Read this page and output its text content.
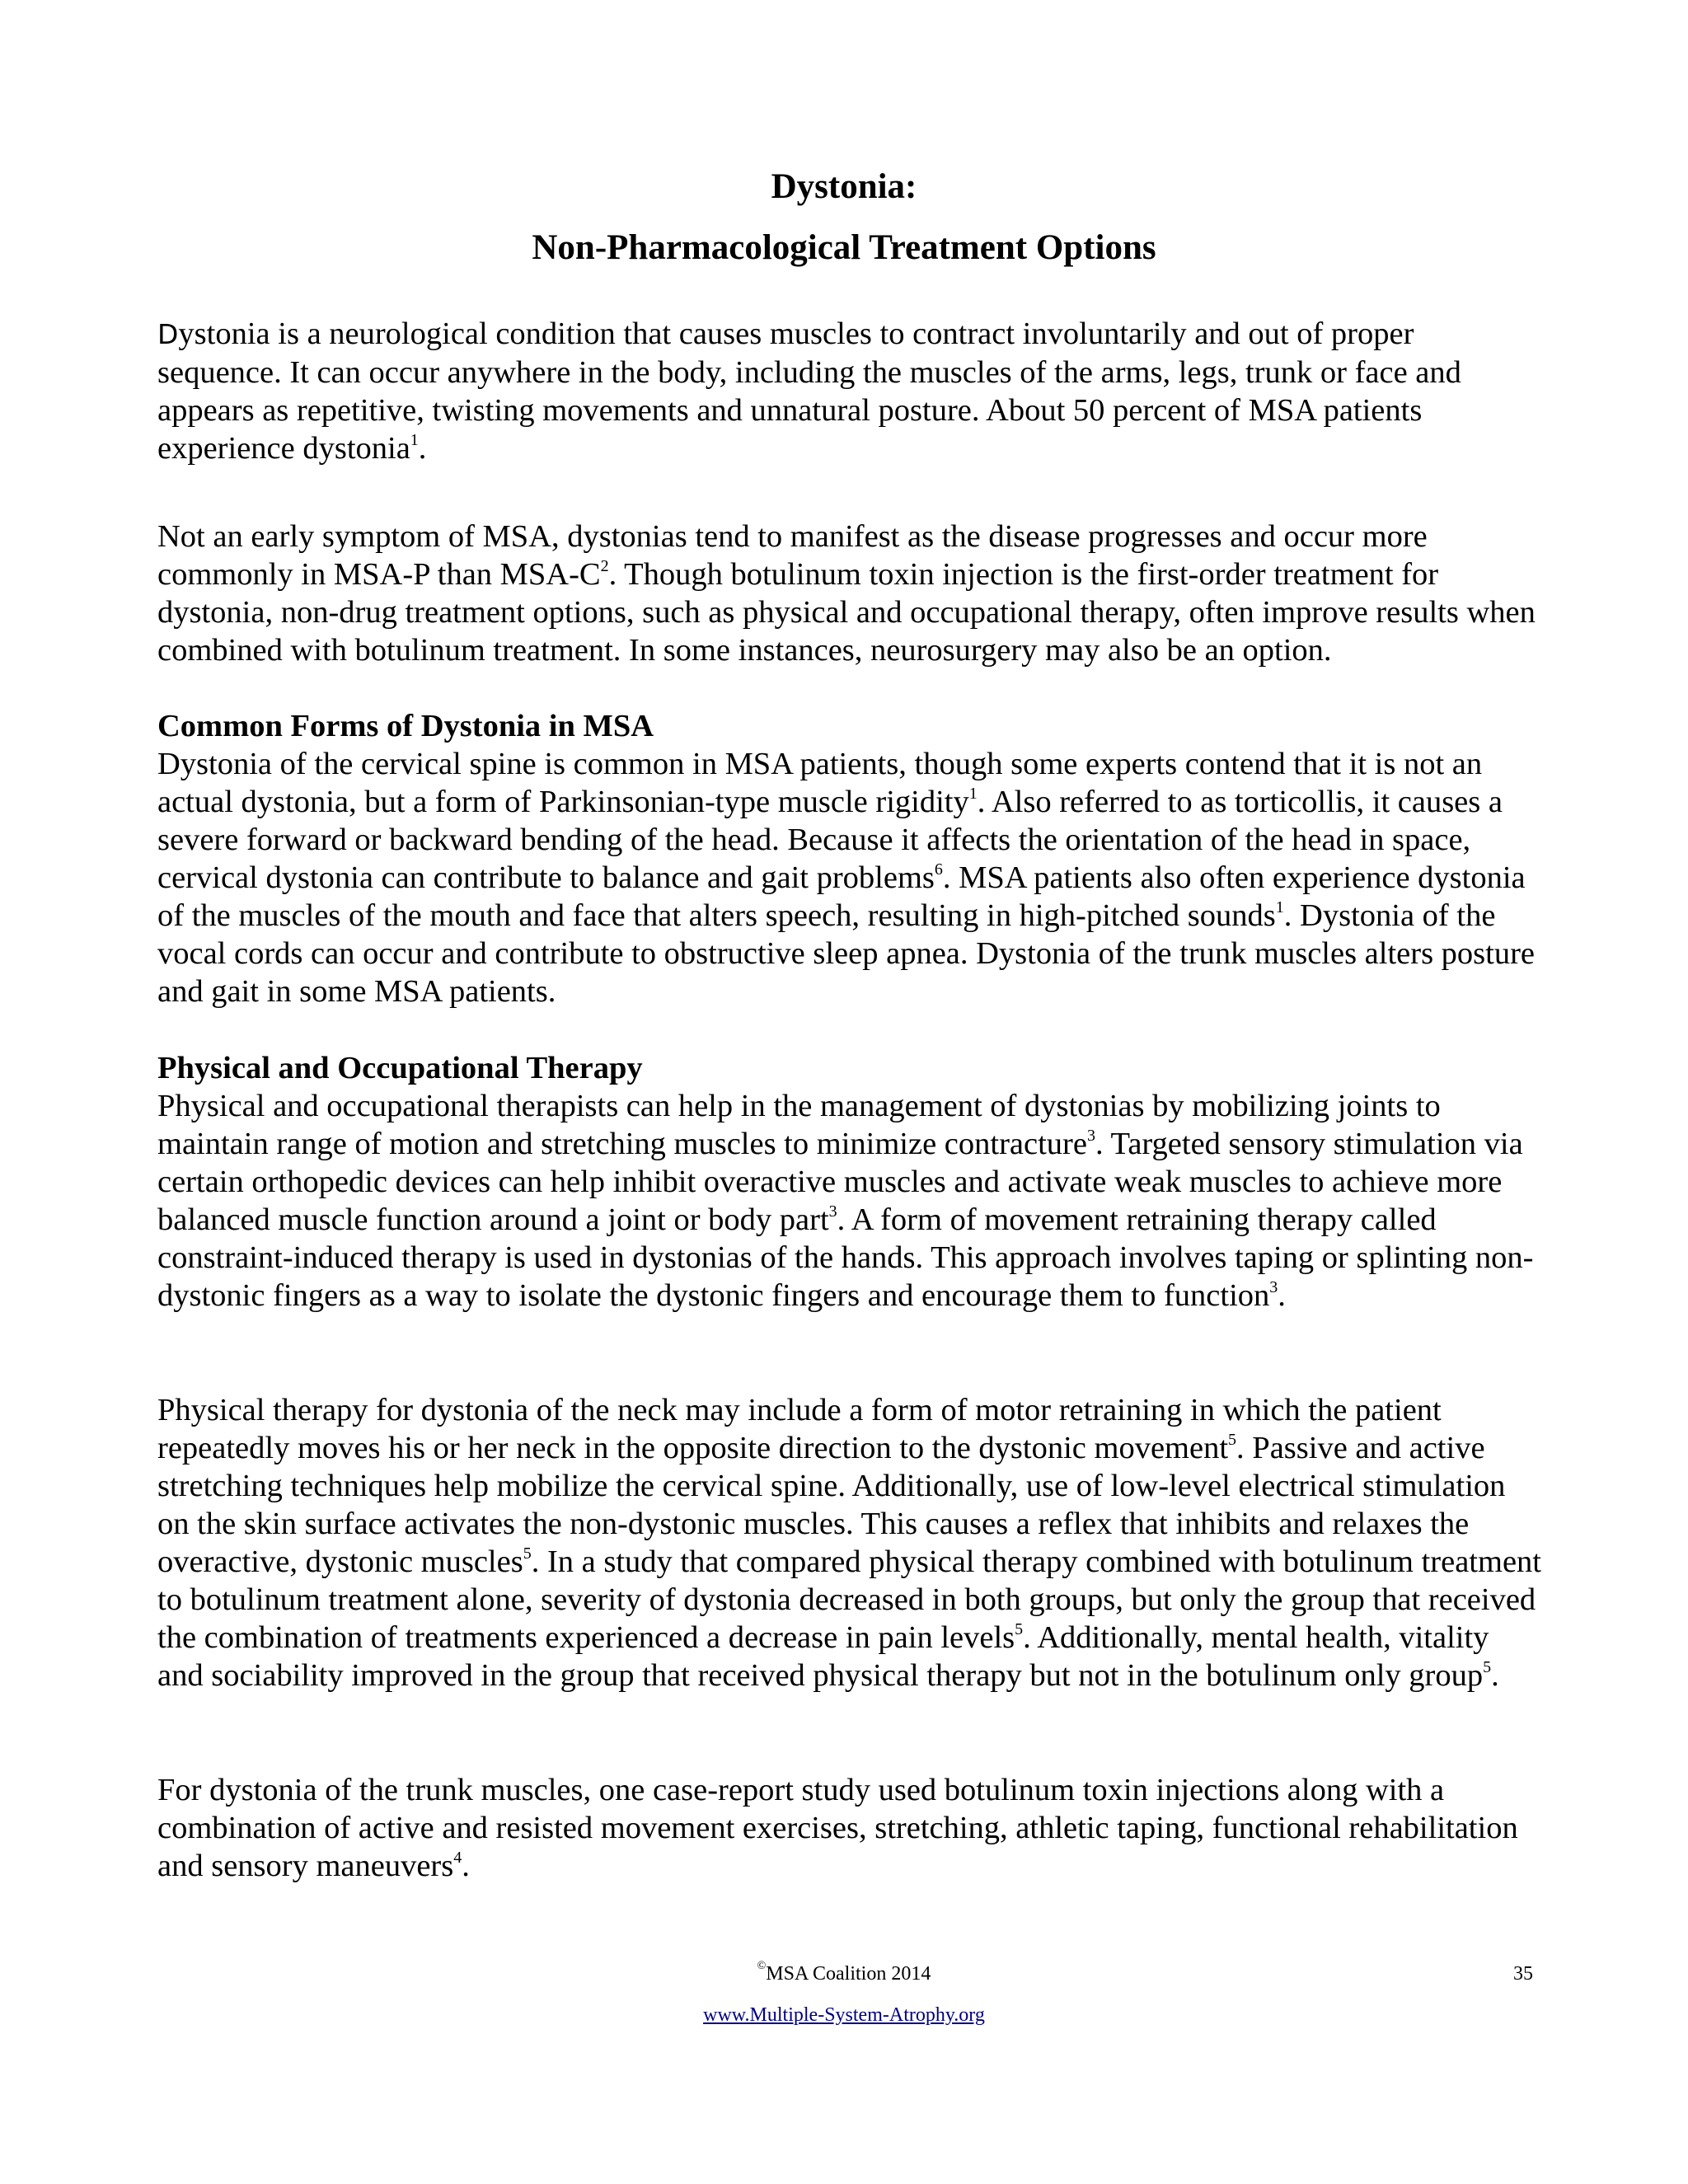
Dystonia:
Non-Pharmacological Treatment Options

Dystonia is a neurological condition that causes muscles to contract involuntarily and out of proper sequence. It can occur anywhere in the body, including the muscles of the arms, legs, trunk or face and appears as repetitive, twisting movements and unnatural posture. About 50 percent of MSA patients experience dystonia$^1$.

Not an early symptom of MSA, dystonias tend to manifest as the disease progresses and occur more commonly in MSA-P than MSA-$C^2$. Though botulinum toxin injection is the first-order treatment for dystonia, non-drug treatment options, such as physical and occupational therapy, often improve results when combined with botulinum treatment. In some instances, neurosurgery may also be an option.

Common Forms of Dystonia in MSA

Dystonia of the cervical spine is common in MSA patients, though some experts contend that it is not an actual dystonia, but a form of Parkinsonian-type muscle rigidity$^1$. Also referred to as torticollis, it causes a severe forward or backward bending of the head. Because it affects the orientation of the head in space, cervical dystonia can contribute to balance and gait problems$^6$. MSA patients also often experience dystonia of the muscles of the mouth and face that alters speech, resulting in high-pitched sounds$^1$. Dystonia of the vocal cords can occur and contribute to obstructive sleep apnea. Dystonia of the trunk muscles alters posture and gait in some MSA patients.

Physical and Occupational Therapy

Physical and occupational therapists can help in the management of dystonias by mobilizing joints to maintain range of motion and stretching muscles to minimize contracture$^3$. Targeted sensory stimulation via certain orthopedic devices can help inhibit overactive muscles and activate weak muscles to achieve more balanced muscle function around a joint or body part$^3$. A form of movement retraining therapy called constraint-induced therapy is used in dystonias of the hands. This approach involves taping or splinting non-dystonic fingers as a way to isolate the dystonic fingers and encourage them to function$^3$.

Physical therapy for dystonia of the neck may include a form of motor retraining in which the patient repeatedly moves his or her neck in the opposite direction to the dystonic movement$^5$. Passive and active stretching techniques help mobilize the cervical spine. Additionally, use of low-level electrical stimulation on the skin surface activates the non-dystonic muscles. This causes a reflex that inhibits and relaxes the overactive, dystonic muscles$^5$. In a study that compared physical therapy combined with botulinum treatment to botulinum treatment alone, severity of dystonia decreased in both groups, but only the group that received the combination of treatments experienced a decrease in pain levels$^5$. Additionally, mental health, vitality and sociability improved in the group that received physical therapy but not in the botulinum only group$^5$.

For dystonia of the trunk muscles, one case-report study used botulinum toxin injections along with a combination of active and resisted movement exercises, stretching, athletic taping, functional rehabilitation and sensory maneuvers$^4$.

©MSA Coalition 2014	35
www.Multiple-System-Atrophy.org
